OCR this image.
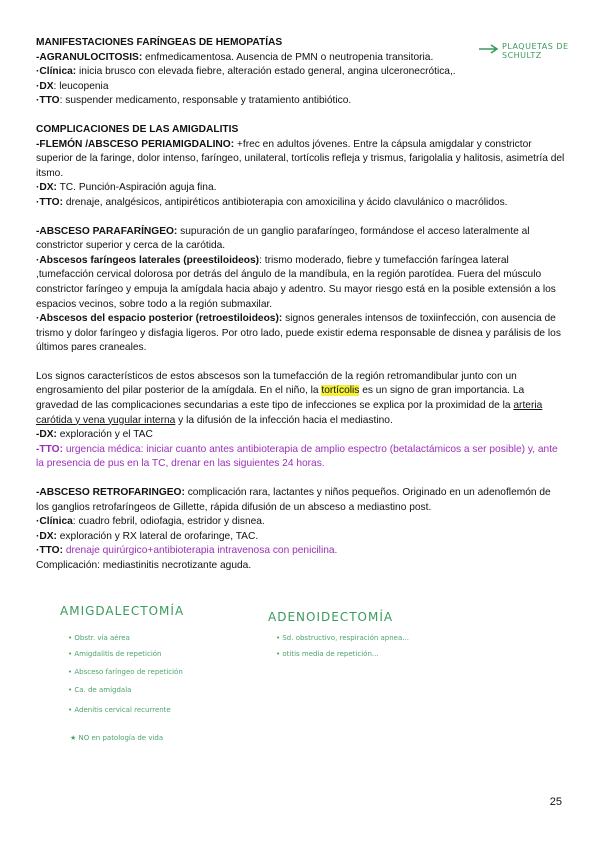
MANIFESTACIONES FARÍNGEAS DE HEMOPATÍAS

-AGRANULOCITOSIS: enfmedicamentosa. Ausencia de PMN o neutropenia transitoria.

·Clínica: inicia brusco con elevada fiebre, alteración estado general, angina ulceronecrótica,.

·DX: leucopenia

·TTO: suspender medicamento, responsable y tratamiento antibiótico.

COMPLICACIONES DE LAS AMIGDALITIS

-FLEMÓN /ABSCESO PERIAMIGDALINO: +frec en adultos jóvenes. Entre la cápsula amigdalar y constrictor superior de la faringe, dolor intenso, faríngeo, unilateral, tortícolis refleja y trismus, farigolalia y halitosis, asimetría del itsmo.

·DX: TC. Punción-Aspiración aguja fina.

·TTO: drenaje, analgésicos, antipiréticos antibioterapia con amoxicilina y ácido clavulánico o macrólidos.

-ABSCESO PARAFARÍNGEO: supuración de un ganglio parafaríngeo, formándose el acceso lateralmente al constrictor superior y cerca de la carótida.

·Abscesos faríngeos laterales (preestiloideos): trismo moderado, fiebre y tumefacción faríngea lateral ,tumefacción cervical dolorosa por detrás del ángulo de la mandíbula, en la región parotídea. Fuera del músculo constrictor faríngeo y empuja la amígdala hacia abajo y adentro. Su mayor riesgo está en la posible extensión a los espacios vecinos, sobre todo a la región submaxilar.

·Abscesos del espacio posterior (retroestiloideos): signos generales intensos de toxiinfección, con ausencia de trismo y dolor faríngeo y disfagia ligeros. Por otro lado, puede existir edema responsable de disnea y parálisis de los últimos pares craneales.

Los signos característicos de estos abscesos son la tumefacción de la región retromandibular junto con un engrosamiento del pilar posterior de la amígdala. En el niño, la tortícolis es un signo de gran importancia. La gravedad de las complicaciones secundarias a este tipo de infecciones se explica por la proximidad de la arteria carótida y vena yugular interna y la difusión de la infección hacia el mediastino.

-DX: exploración y el TAC

-TTO: urgencia médica: iniciar cuanto antes antibioterapia de amplio espectro (betalactámicos a ser posible) y, ante la presencia de pus en la TC, drenar en las siguientes 24 horas.

-ABSCESO RETROFARINGEO: complicación rara, lactantes y niños pequeños. Originado en un adenoflemón de los ganglios retrofaríngeos de Gillette, rápida difusión de un absceso a mediastino post.

·Clínica: cuadro febril, odiofagia, estridor y disnea.

·DX: exploración y RX lateral de orofaringe, TAC.

·TTO: drenaje quirúrgico+antibioterapia intravenosa con penicilina.

Complicación: mediastinitis necrotizante aguda.

PLAQUETAS DE SCHULTZ
AMIGDALECTOMÍA
• Obstr. vía aérea
• Amigdalitis de repetición
• Absceso faríngeo de repetición
• Ca. de amígdala
• Adenitis cervical recurrente
★ NO en patología de vida
ADENOIDECTOMÍA
• Sd. obstructivo, respiración apnea...
• otitis media de repetición...
25
